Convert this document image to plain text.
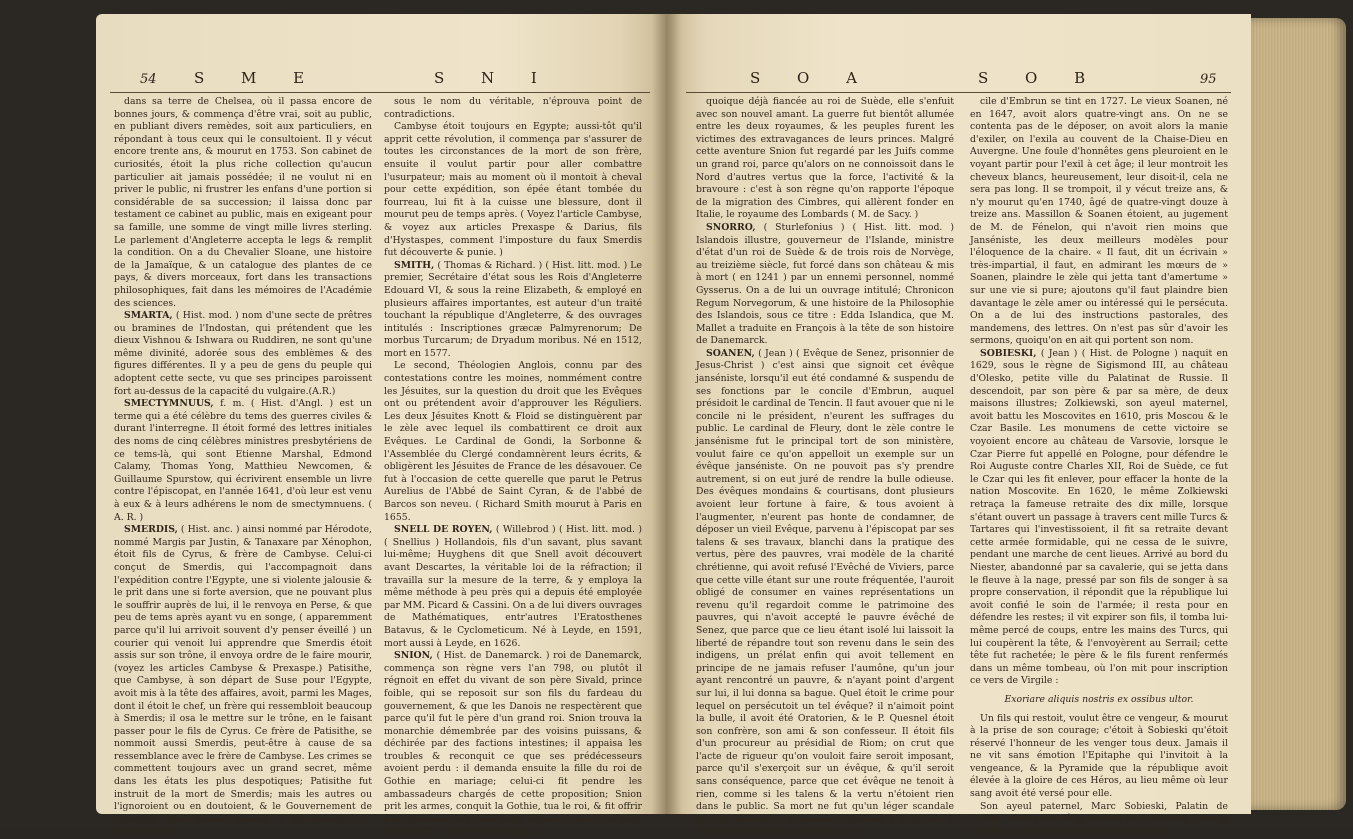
54 S M E	S N I

dans sa terre de Chelsea, où il passa encore de bonnes jours, & commença d'être vrai, soit au public, en publiant divers remèdes, soit aux particuliers, en répondant à tous ceux qui le consultoient. Il y vécut encore trente ans, & mourut en 1753. Son cabinet de curiosités, étoit la plus riche collection qu'aucun particulier ait jamais possédée; il ne voulut ni en priver le public, ni frustrer les enfans d'une portion si considérable de sa succession; il laissa donc par testament ce cabinet au public, mais en exigeant pour sa famille, une somme de vingt mille livres sterling. Le parlement d'Angleterre accepta le legs & remplit la condition. On a du Chevalier Sloane, une histoire de la Jamaïque, & un catalogue des plantes de ce pays, & divers morceaux, fort dans les transactions philosophiques, fait dans les mémoires de l'Académie des sciences.

SMARTA, ( Hist. mod. ) nom d'une secte de prêtres ou bramines de l'Indostan, qui prétendent que les dieux Vishnou & Ishwara ou Ruddiren, ne sont qu'une même divinité, adorée sous des emblèmes & des figures différentes. Il y a peu de gens du peuple qui adoptent cette secte, vu que ses principes paroissent fort au-dessus de la capacité du vulgaire.(A.R.)

SMECTYMNUUS, f. m. ( Hist. d'Angl. ) est un terme qui a été célèbre du tems des guerres civiles & durant l'interregne. Il étoit formé des lettres initiales des noms de cinq célèbres ministres presbytériens de ce tems-là, qui sont Etienne Marshal, Edmond Calamy, Thomas Yong, Matthieu Newcomen, & Guillaume Spurstow, qui écrivirent ensemble un livre contre l'épiscopat, en l'année 1641, d'où leur est venu à eux & à leurs adhérens le nom de smectymnuens. ( A. R. )

SMERDIS, ( Hist. anc. ) ainsi nommé par Hérodote, nommé Margis par Justin, & Tanaxare par Xénophon, étoit fils de Cyrus, & frère de Cambyse. Celui-ci conçut de Smerdis, qui l'accompagnoit dans l'expédition contre l'Egypte, une si violente jalousie & le prit dans une si forte aversion, que ne pouvant plus le souffrir auprès de lui, il le renvoya en Perse, & que peu de tems après ayant vu en songe, ( apparemment parce qu'il lui arrivoit souvent d'y penser éveillé ) un courier qui venoit lui apprendre que Smerdis étoit assis sur son trône, il envoya ordre de le faire mourir, (voyez les articles Cambyse & Prexaspe.) Patisithe, que Cambyse, à son départ de Suse pour l'Egypte, avoit mis à la tête des affaires, avoit, parmi les Mages, dont il étoit le chef, un frère qui ressembloit beaucoup à Smerdis; il osa le mettre sur le trône, en le faisant passer pour le fils de Cyrus. Ce frère de Patisithe, se nommoit aussi Smerdis, peut-être à cause de sa ressemblance avec le frère de Cambyse. Les crimes se commettent toujours avec un grand secret, même dans les états les plus despotiques; Patisithe fut instruit de la mort de Smerdis; mais les autres ou l'ignoroient ou en doutoient, & le Gouvernement de Cambyse, étant devenu odieux, la proclamation du faux Smerdis

sous le nom du véritable, n'éprouva point de contradictions.

Cambyse étoit toujours en Egypte; aussi-tôt qu'il apprit cette révolution, il commença par s'assurer de toutes les circonstances de la mort de son frère, ensuite il voulut partir pour aller combattre l'usurpateur; mais au moment où il montoit à cheval pour cette expédition, son épée étant tombée du fourreau, lui fit à la cuisse une blessure, dont il mourut peu de temps après. ( Voyez l'article Cambyse, & voyez aux articles Prexaspe & Darius, fils d'Hystaspes, comment l'imposture du faux Smerdis fut découverte & punie. )

SMITH, ( Thomas & Richard. ) ( Hist. litt. mod. ) Le premier, Secrétaire d'état sous les Rois d'Angleterre Edouard VI, & sous la reine Elizabeth, & employé en plusieurs affaires importantes, est auteur d'un traité touchant la république d'Angleterre, & des ouvrages intitulés : Inscriptiones græcæ Palmyrenorum; De morbus Turcarum; de Dryadum moribus. Né en 1512, mort en 1577.

Le second, Théologien Anglois, connu par des contestations contre les moines, nommément contre les Jésuites, sur la question du droit que les Evêques ont ou prétendent avoir d'approuver les Réguliers. Les deux Jésuites Knott & Floid se distinguèrent par le zèle avec lequel ils combattirent ce droit aux Evêques. Le Cardinal de Gondi, la Sorbonne & l'Assemblée du Clergé condamnèrent leurs écrits, & obligèrent les Jésuites de France de les désavouer. Ce fut à l'occasion de cette querelle que parut le Petrus Aurelius de l'Abbé de Saint Cyran, & de l'abbé de Barcos son neveu. ( Richard Smith mourut à Paris en 1655.

SNELL DE ROYEN, ( Willebrod ) ( Hist. litt. mod. ) ( Snellius ) Hollandois, fils d'un savant, plus savant lui-même; Huyghens dit que Snell avoit découvert avant Descartes, la véritable loi de la réfraction; il travailla sur la mesure de la terre, & y employa la même méthode à peu près qui a depuis été employée par MM. Picard & Cassini. On a de lui divers ouvrages de Mathématiques, entr'autres l'Eratosthenes Batavus, & le Cyclometicum. Né à Leyde, en 1591, mort aussi à Leyde, en 1626.

SNION, ( Hist. de Danemarck. ) roi de Danemarck, commença son règne vers l'an 798, ou plutôt il régnoit en effet du vivant de son père Sivald, prince foible, qui se reposoit sur son fils du fardeau du gouvernement, & que les Danois ne respectèrent que parce qu'il fut le père d'un grand roi. Snion trouva la monarchie démembrée par des voisins puissans, & déchirée par des factions intestines; il appaisa les troubles & reconquit ce que ses prédécesseurs avoient perdu : il demanda ensuite la fille du roi de Gothie en mariage; celui-ci fit pendre les ambassadeurs chargés de cette proposition; Snion prit les armes, conquit la Gothie, tua le roi, & fit offrir à la princesse une main toute fumante encore du sang de son père : celle-ci l'accepta; &

S O A	S O B	95

quoique déjà fiancée au roi de Suède, elle s'enfuit avec son nouvel amant. La guerre fut bientôt allumée entre les deux royaumes, & les peuples furent les victimes des extravagances de leurs princes. Malgré cette aventure Snion fut regardé par les Juifs comme un grand roi, parce qu'alors on ne connoissoit dans le Nord d'autres vertus que la force, l'activité & la bravoure : c'est à son règne qu'on rapporte l'époque de la migration des Cimbres, qui allèrent fonder en Italie, le royaume des Lombards ( M. de Sacy. )

SNORRO, ( Sturlefonius ) ( Hist. litt. mod. ) Islandois illustre, gouverneur de l'Islande, ministre d'état d'un roi de Suède & de trois rois de Norvège, au treizième siècle, fut forcé dans son château & mis à mort ( en 1241 ) par un ennemi personnel, nommé Gysserus. On a de lui un ouvrage intitulé; Chronicon Regum Norvegorum, & une histoire de la Philosophie des Islandois, sous ce titre : Edda Islandica, que M. Mallet a traduite en François à la tête de son histoire de Danemarck.

SOANEN, ( Jean ) ( Evêque de Senez, prisonnier de Jesus-Christ ) c'est ainsi que signoit cet évêque janséniste, lorsqu'il eut été condamné & suspendu de ses fonctions par le concile d'Embrun, auquel présidoit le cardinal de Tencin. Il faut avouer que ni le concile ni le président, n'eurent les suffrages du public. Le cardinal de Fleury, dont le zèle contre le jansénisme fut le principal tort de son ministère, voulut faire ce qu'on appelloit un exemple sur un évêque janséniste. On ne pouvoit pas s'y prendre autrement, si on eut juré de rendre la bulle odieuse. Des évêques mondains & courtisans, dont plusieurs avoient leur fortune à faire, & tous avoient à l'augmenter, n'eurent pas honte de condamner, de déposer un vieil Evêque, parvenu à l'épiscopat par ses talens & ses travaux, blanchi dans la pratique des vertus, père des pauvres, vrai modèle de la charité chrétienne, qui avoit refusé l'Evêché de Viviers, parce que cette ville étant sur une route fréquentée, l'auroit obligé de consumer en vaines représentations un revenu qu'il regardoit comme le patrimoine des pauvres, qui n'avoit accepté le pauvre évêché de Senez, que parce que ce lieu étant isolé lui laissoit la liberté de répandre tout son revenu dans le sein des indigens, un prélat enfin qui avoit tellement en principe de ne jamais refuser l'aumône, qu'un jour ayant rencontré un pauvre, & n'ayant point d'argent sur lui, il lui donna sa bague. Quel étoit le crime pour lequel on persécutoit un tel évêque? il n'aimoit point la bulle, il avoit été Oratorien, & le P. Quesnel étoit son confrère, son ami & son confesseur. Il étoit fils d'un procureur au présidial de Riom; on crut que l'acte de rigueur qu'on vouloit faire seroit imposant, parce qu'il s'exerçoit sur un évêque, & qu'il seroit sans conséquence, parce que cet évêque ne tenoit à rien, comme si les talens & la vertu n'étoient rien dans le public. Sa mort ne fut qu'un léger scandale que de donner la vieillesse vertueuse à opprimer à des gens ambitieux & avides. Le con-

cile d'Embrun se tint en 1727. Le vieux Soanen, né en 1647, avoit alors quatre-vingt ans. On ne se contenta pas de le déposer, on avoit alors la manie d'exiler, on l'exila au couvent de la Chaise-Dieu en Auvergne. Une foule d'honnêtes gens pleuroient en le voyant partir pour l'exil à cet âge; il leur montroit les cheveux blancs, heureusement, leur disoit-il, cela ne sera pas long. Il se trompoit, il y vécut treize ans, & n'y mourut qu'en 1740, âgé de quatre-vingt douze à treize ans. Massillon & Soanen étoient, au jugement de M. de Fénelon, qui n'avoit rien moins que Janséniste, les deux meilleurs modèles pour l'éloquence de la chaire. « Il faut, dit un écrivain » très-impartial, il faut, en admirant les mœurs de » Soanen, plaindre le zèle qui jetta tant d'amertume » sur une vie si pure; ajoutons qu'il faut plaindre bien davantage le zèle amer ou intéressé qui le persécuta. On a de lui des instructions pastorales, des mandemens, des lettres. On n'est pas sûr d'avoir les sermons, quoiqu'on en ait qui portent son nom.

SOBIESKI, ( Jean ) ( Hist. de Pologne ) naquit en 1629, sous le règne de Sigismond III, au château d'Olesko, petite ville du Palatinat de Russie. Il descendoit, par son père & par sa mère, de deux maisons illustres; Zolkiewski, son ayeul maternel, avoit battu les Moscovites en 1610, pris Moscou & le Czar Basile. Les monumens de cette victoire se voyoient encore au château de Varsovie, lorsque le Czar Pierre fut appellé en Pologne, pour défendre le Roi Auguste contre Charles XII, Roi de Suède, ce fut le Czar qui les fit enlever, pour effacer la honte de la nation Moscovite. En 1620, le même Zolkiewski retraça la fameuse retraite des dix mille, lorsque s'étant ouvert un passage à travers cent mille Turcs & Tartares qui l'investissoient, il fit sa retraite devant cette armée formidable, qui ne cessa de le suivre, pendant une marche de cent lieues. Arrivé au bord du Niester, abandonné par sa cavalerie, qui se jetta dans le fleuve à la nage, pressé par son fils de songer à sa propre conservation, il répondit que la république lui avoit confié le soin de l'armée; il resta pour en défendre les restes; il vit expirer son fils, il tomba lui-même percé de coups, entre les mains des Turcs, qui lui coupèrent la tête, & l'envoyèrent au Serrail; cette tête fut rachetée; le père & le fils furent renfermés dans un même tombeau, où l'on mit pour inscription ce vers de Virgile :

Exoriare aliquis nostris ex ossibus ultor.

Un fils qui restoit, voulut être ce vengeur, & mourut à la prise de son courage; c'étoit à Sobieski qu'étoit réservé l'honneur de les venger tous deux. Jamais il ne vit sans émotion l'Epitaphe qui l'invitoit à la vengeance, & la Pyramide que la république avoit élevée à la gloire de ces Héros, au lieu même où leur sang avoit été versé pour elle.

Son ayeul paternel, Marc Sobieski, Palatin de Lublin, avoit procuré la victoire aux Polonois, dans la bataille, où Michel, Hospodar de Moldavie,
